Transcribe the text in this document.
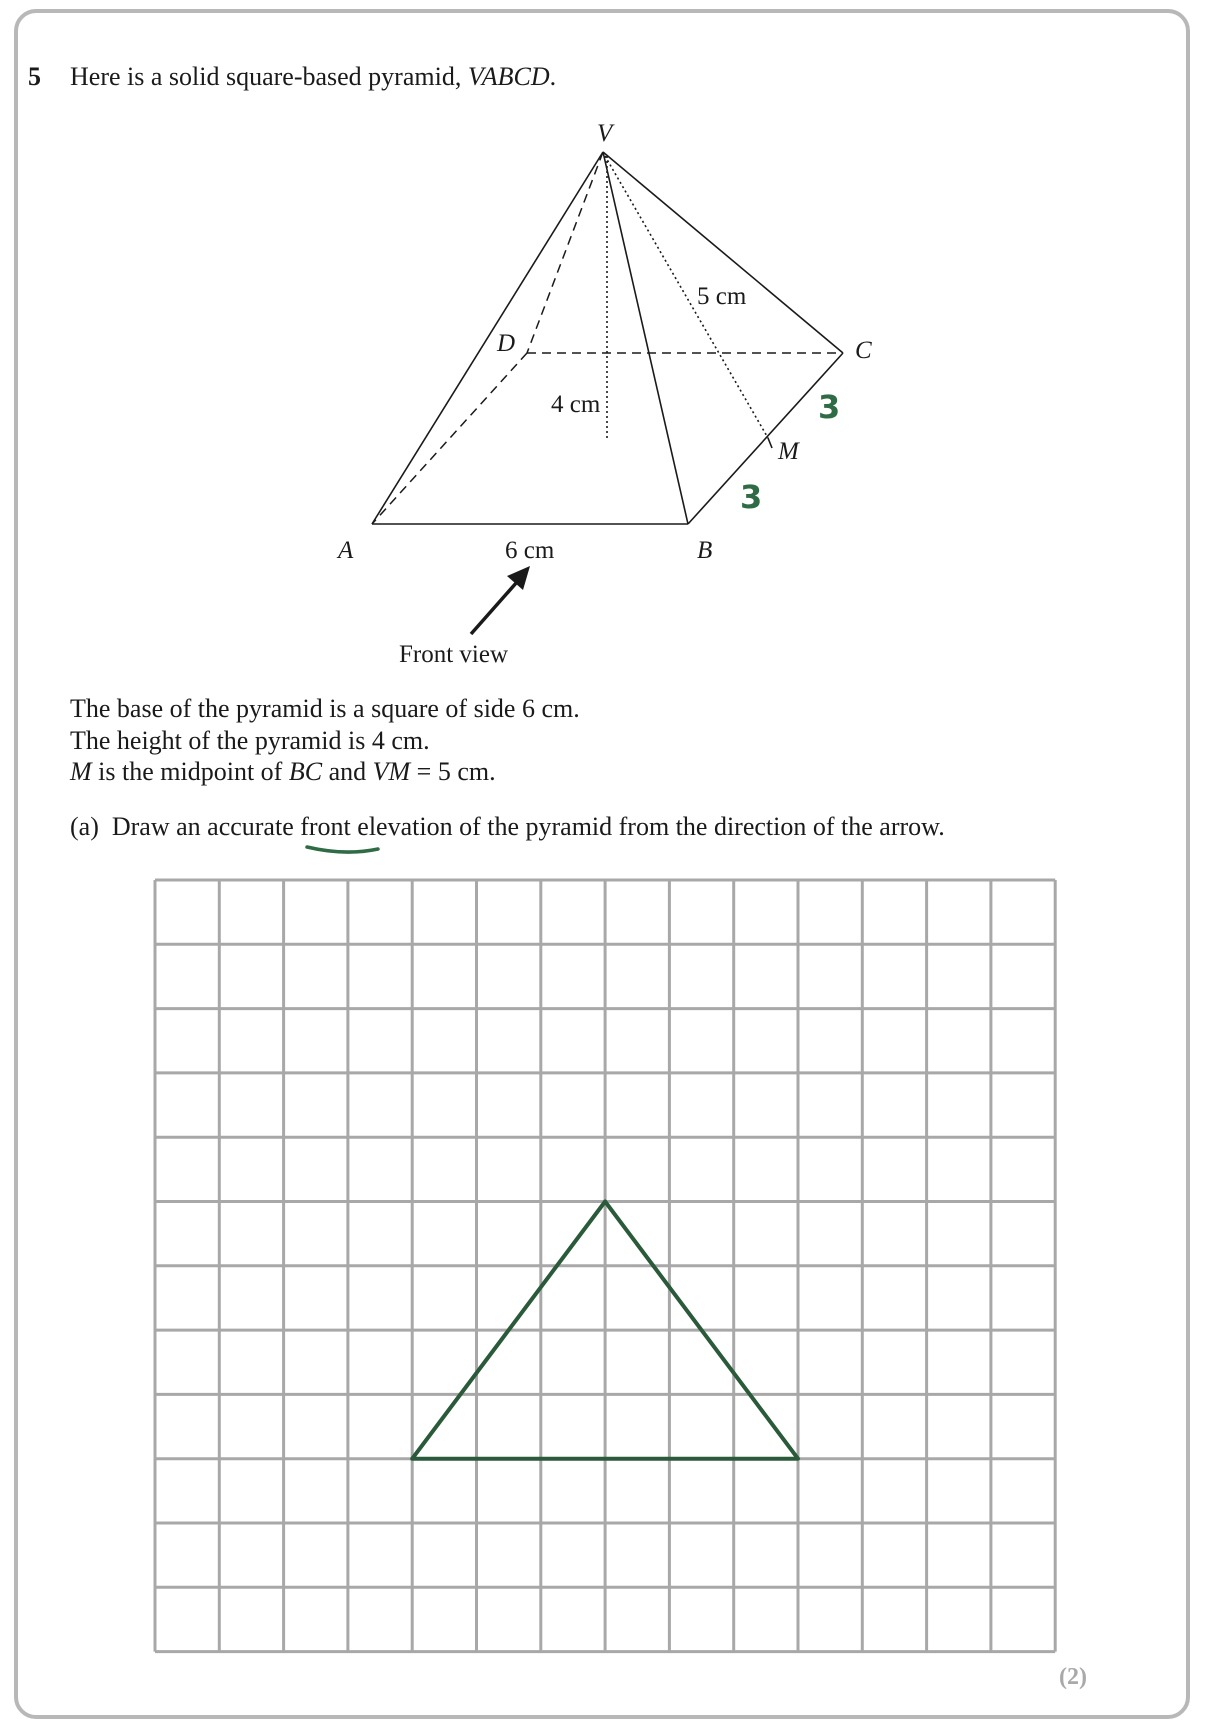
5 Here is a solid square-based pyramid, VABCD.
V
A	B
C
D
M
5 cm
4 cm
6 cm
Front view
3
3
The base of the pyramid is a square of side 6 cm.
The height of the pyramid is 4 cm.
M is the midpoint of BC and VM = 5 cm.
(a) Draw an accurate front elevation of the pyramid from the direction of the arrow.
(2)
